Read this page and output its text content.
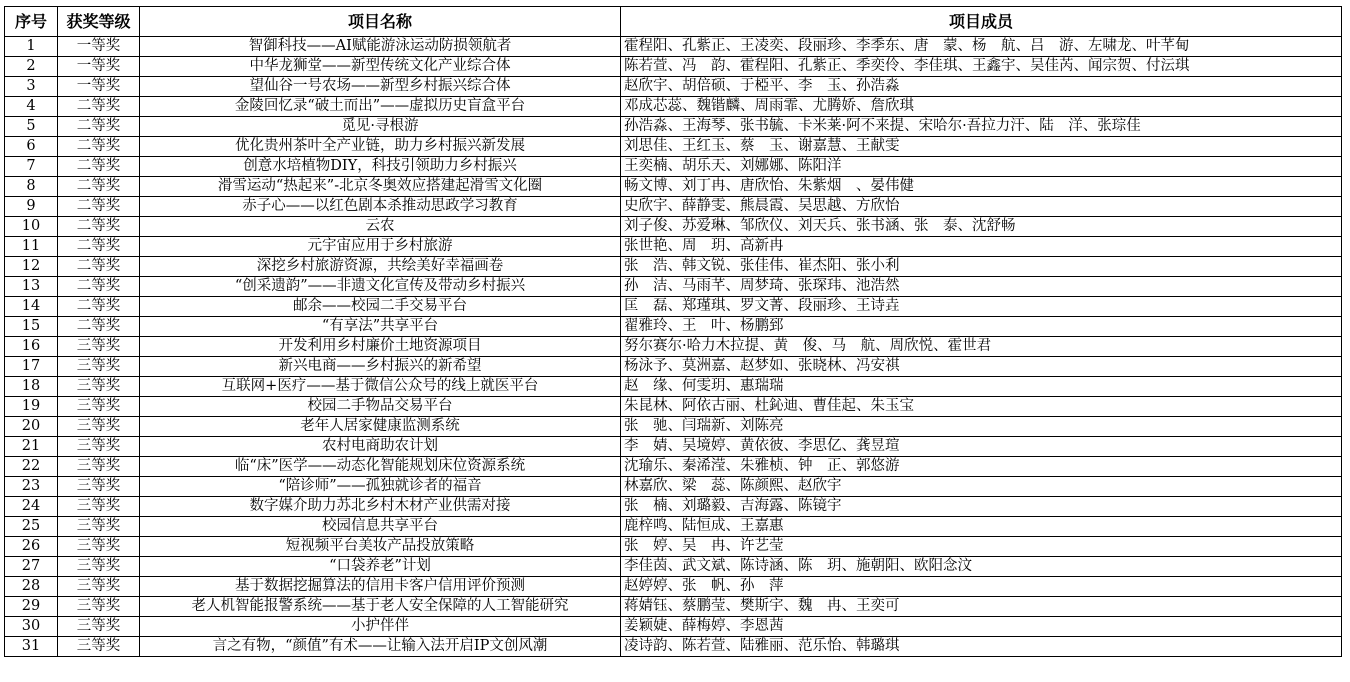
序号	获奖等级	项目名称	项目成员
1	一等奖	智御科技——AI赋能游泳运动防损领航者	霍程阳、孔紫正、王凌奕、段丽珍、李季东、唐　蒙、杨　航、吕　游、左啸龙、叶芊甸
2	一等奖	中华龙狮堂——新型传统文化产业综合体	陈若萱、冯　韵、霍程阳、孔紫正、季奕伶、李佳琪、王鑫宇、吴佳芮、闻宗贺、付沄琪
3	一等奖	望仙谷一号农场——新型乡村振兴综合体	赵欣宇、胡倍硕、于椏平、李　玉、孙浩淼
4	二等奖	金陵回忆录“破土而出”——虚拟历史盲盒平台	邓成芯蕊、魏锴麟、周雨霏、尤腾娇、詹欣琪
5	二等奖	觅见·寻根游	孙浩淼、王海琴、张书毓、卡米莱·阿不来提、宋哈尔·吾拉力汗、陆　洋、张琮佳
6	二等奖	优化贵州茶叶全产业链，助力乡村振兴新发展	刘思佳、王红玉、蔡　玉、谢嘉慧、王献雯
7	二等奖	创意水培植物DIY，科技引领助力乡村振兴	王奕楠、胡乐天、刘娜娜、陈阳洋
8	二等奖	滑雪运动“热起来”-北京冬奥效应搭建起滑雪文化圈	畅文博、刘丁冉、唐欣怡、朱紫烟　、晏伟健
9	二等奖	赤子心——以红色剧本杀推动思政学习教育	史欣宇、薛静雯、熊晨霞、吴思越、方欣怡
10	二等奖	云农	刘子俊、苏爱琳、邹欣仪、刘天兵、张书涵、张　泰、沈舒畅
11	二等奖	元宇宙应用于乡村旅游	张世艳、周　玥、高新冉
12	二等奖	深挖乡村旅游资源，共绘美好幸福画卷	张　浩、韩文锐、张佳伟、崔杰阳、张小利
13	二等奖	“创采遗韵”——非遗文化宣传及带动乡村振兴	孙　洁、马雨芊、周梦琦、张琛玮、池浩然
14	二等奖	邮余——校园二手交易平台	匡　磊、郑瑾琪、罗文菁、段丽珍、王诗垚
15	二等奖	“有享法”共享平台	翟雅玲、王　叶、杨鹏郅
16	三等奖	开发利用乡村廉价土地资源项目	努尔赛尔·哈力木拉提、黄　俊、马　航、周欣悦、霍世君
17	三等奖	新兴电商——乡村振兴的新希望	杨泳予、莫洲嘉、赵梦如、张晓林、冯安祺
18	三等奖	互联网+医疗——基于微信公众号的线上就医平台	赵　缘、何雯玥、惠瑞瑞
19	三等奖	校园二手物品交易平台	朱昆林、阿依古丽、杜鈊迪、曹佳起、朱玉宝
20	三等奖	老年人居家健康监测系统	张　驰、闫瑞新、刘陈亮
21	三等奖	农村电商助农计划	李　婧、吴境婷、黄依彼、李思亿、龚昱瑄
22	三等奖	临“床”医学——动态化智能规划床位资源系统	沈瑜乐、秦浠滢、朱雅桢、钟　正、郭悠游
23	三等奖	“陪诊师”——孤独就诊者的福音	林嘉欣、梁　蕊、陈颜熙、赵欣宇
24	三等奖	数字媒介助力苏北乡村木材产业供需对接	张　楠、刘璐毅、吉海露、陈镜宇
25	三等奖	校园信息共享平台	鹿梓鸣、陆恒成、王嘉惠
26	三等奖	短视频平台美妆产品投放策略	张　婷、吴　冉、许艺莹
27	三等奖	“口袋养老”计划	李佳茵、武文斌、陈诗涵、陈　玥、施朝阳、欧阳念汶
28	三等奖	基于数据挖掘算法的信用卡客户信用评价预测	赵婷婷、张　帆、孙　萍
29	三等奖	老人机智能报警系统——基于老人安全保障的人工智能研究	蒋婧钰、蔡鹏莹、樊斯宇、魏　冉、王奕可
30	三等奖	小护伴伴	姜颖婕、薛梅婷、李恩茜
31	三等奖	言之有物，“颜值”有术——让输入法开启IP文创风潮	凌诗韵、陈若萱、陆雅丽、范乐怡、韩璐琪
